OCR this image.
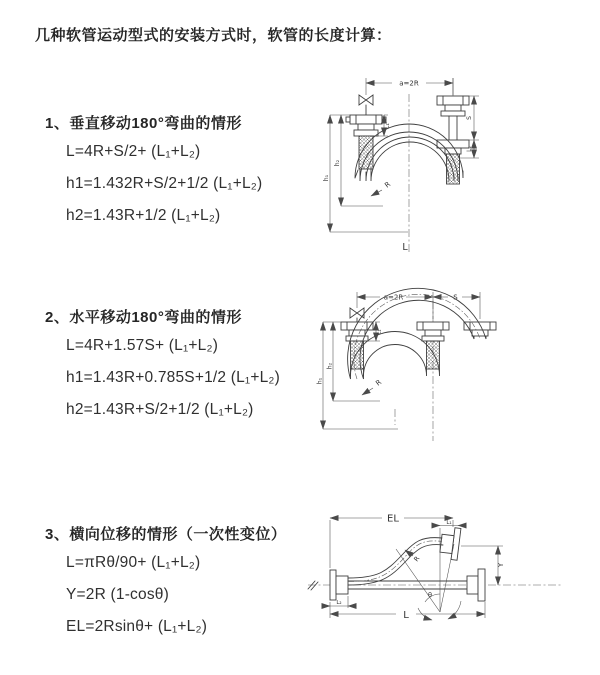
几种软管运动型式的安装方式时，软管的长度计算：
1、垂直移动180°弯曲的情形
L=4R+S/2+ (L₁+L₂)
h1=1.432R+S/2+1/2 (L₁+L₂)
h2=1.43R+1/2 (L₁+L₂)
2、水平移动180°弯曲的情形
L=4R+1.57S+ (L₁+L₂)
h1=1.43R+0.785S+1/2 (L₁+L₂)
h2=1.43R+S/2+1/2 (L₁+L₂)
3、横向位移的情形（一次性变位）
L=πRθ/90+ (L₁+L₂)
Y=2R (1-cosθ)
EL=2Rsinθ+ (L₁+L₂)
a=2R
R
S
L₂
L₁
h₂
h₁
L
a=2R	S
R
L₁
h₂
h₁
EL	L₁
Y
θ
R
L₂
L
